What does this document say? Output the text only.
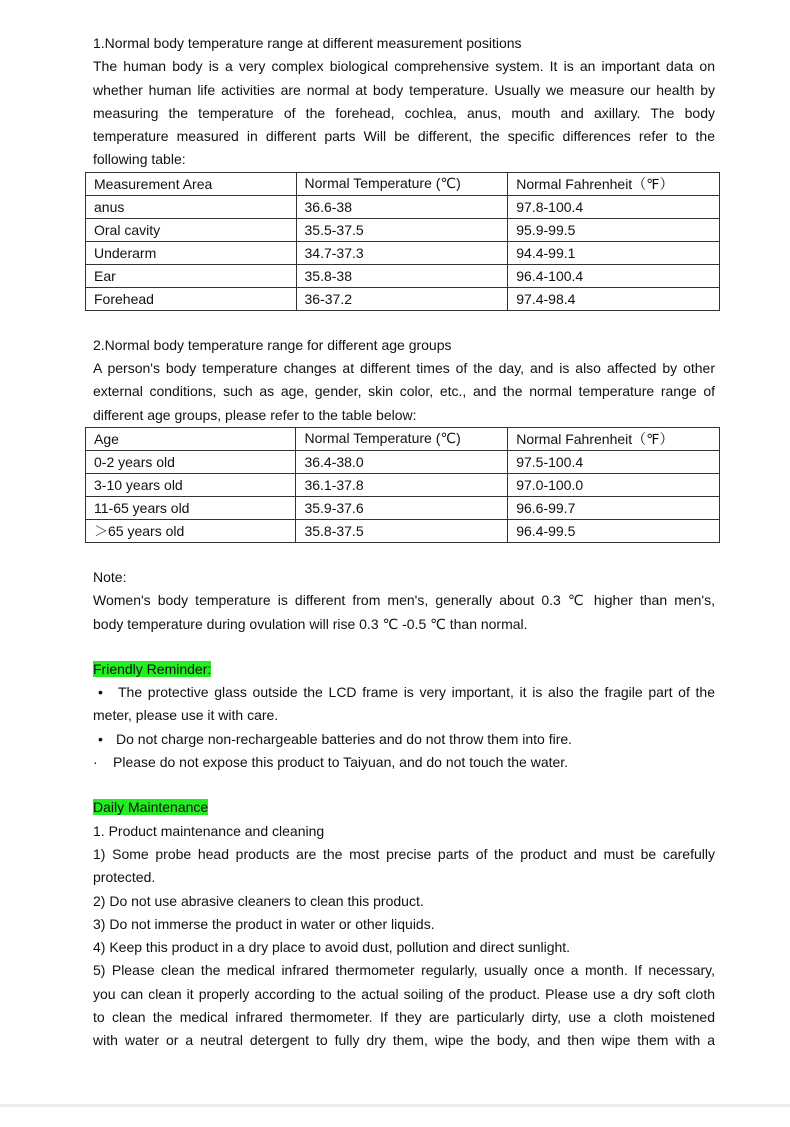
1.Normal body temperature range at different measurement positions
The human body is a very complex biological comprehensive system. It is an important data on
whether human life activities are normal at body temperature. Usually we measure our health by
measuring the temperature of the forehead, cochlea, anus, mouth and axillary. The body
temperature measured in different parts Will be different, the specific differences refer to the
following table:
Measurement Area	Normal Temperature (℃)	Normal Fahrenheit（℉）
anus	36.6-38	97.8-100.4
Oral cavity	35.5-37.5	95.9-99.5
Underarm	34.7-37.3	94.4-99.1
Ear	35.8-38	96.4-100.4
Forehead	36-37.2	97.4-98.4
2.Normal body temperature range for different age groups
A person's body temperature changes at different times of the day, and is also affected by other
external conditions, such as age, gender, skin color, etc., and the normal temperature range of
different age groups, please refer to the table below:
Age	Normal Temperature (℃)	Normal Fahrenheit（℉）
0-2 years old	36.4-38.0	97.5-100.4
3-10 years old	36.1-37.8	97.0-100.0
11-65 years old	35.9-37.6	96.6-99.7
＞65 years old	35.8-37.5	96.4-99.5
Note:
Women's body temperature is different from men's, generally about 0.3 ℃ higher than men's,
body temperature during ovulation will rise 0.3 ℃ -0.5 ℃ than normal.
Friendly Reminder:
• The protective glass outside the LCD frame is very important, it is also the fragile part of the
meter, please use it with care.
• Do not charge non-rechargeable batteries and do not throw them into fire.
· Please do not expose this product to Taiyuan, and do not touch the water.
Daily Maintenance
1. Product maintenance and cleaning
1) Some probe head products are the most precise parts of the product and must be carefully
protected.
2) Do not use abrasive cleaners to clean this product.
3) Do not immerse the product in water or other liquids.
4) Keep this product in a dry place to avoid dust, pollution and direct sunlight.
5) Please clean the medical infrared thermometer regularly, usually once a month. If necessary,
you can clean it properly according to the actual soiling of the product. Please use a dry soft cloth
to clean the medical infrared thermometer. If they are particularly dirty, use a cloth moistened
with water or a neutral detergent to fully dry them, wipe the body, and then wipe them with a
